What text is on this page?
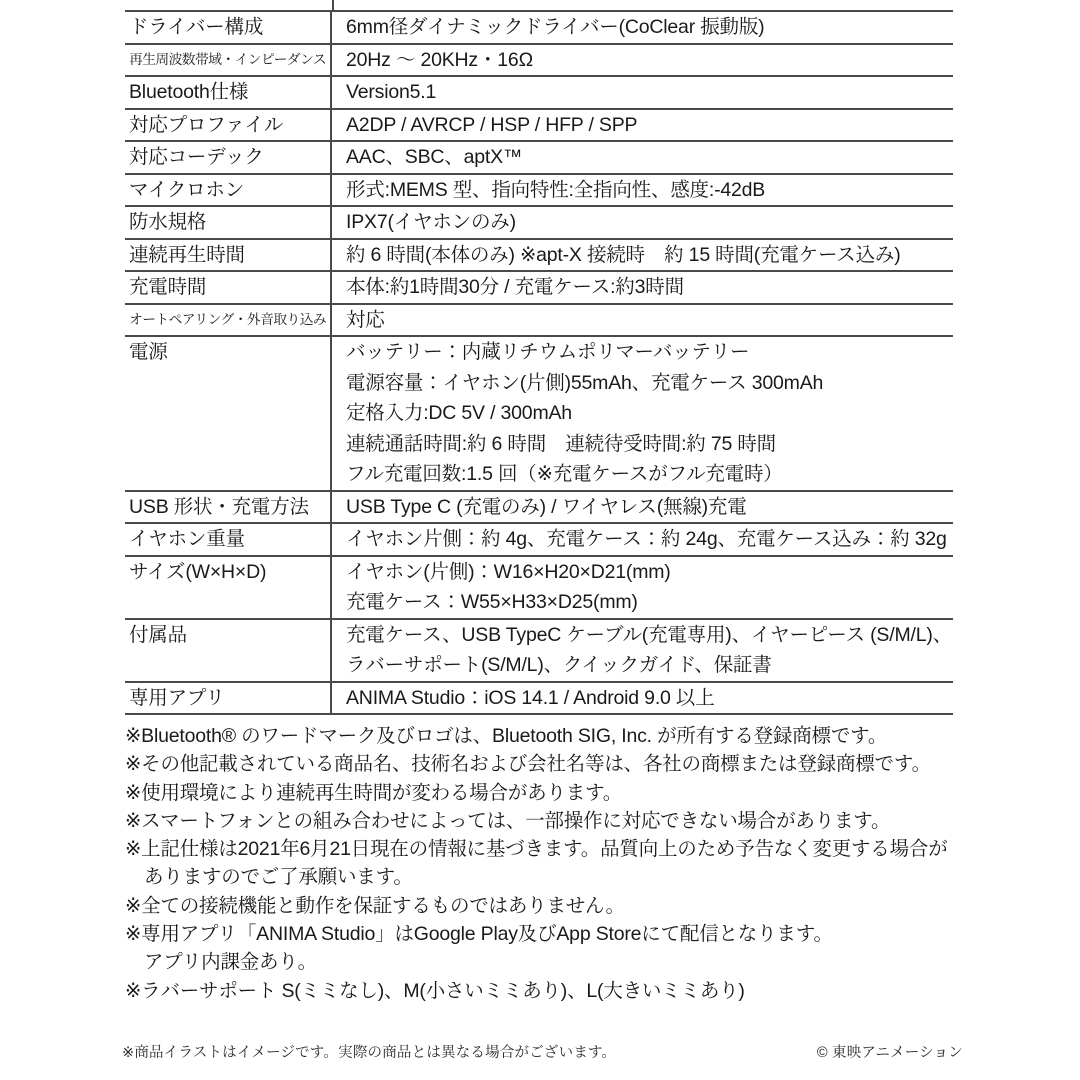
ドライバー構成	6mm径ダイナミックドライバー(CoClear 振動版)
再生周波数帯域・インピーダンス 20Hz ～ 20KHz・16Ω
Bluetooth仕様	Version5.1
対応プロファイル	A2DP / AVRCP / HSP / HFP / SPP
対応コーデック	AAC、SBC、aptX™
マイクロホン	形式:MEMS 型、指向特性:全指向性、感度:-42dB
防水規格	IPX7(イヤホンのみ)
連続再生時間	約 6 時間(本体のみ) ※apt-X 接続時　約 15 時間(充電ケース込み)
充電時間	本体:約1時間30分 / 充電ケース:約3時間
オートペアリング・外音取り込み 対応
電源	バッテリー：内蔵リチウムポリマーバッテリー
電源容量：イヤホン(片側)55mAh、充電ケース 300mAh
定格入力:DC 5V / 300mAh
連続通話時間:約 6 時間　連続待受時間:約 75 時間
フル充電回数:1.5 回（※充電ケースがフル充電時）
USB 形状・充電方法	USB Type C (充電のみ) / ワイヤレス(無線)充電
イヤホン重量	イヤホン片側：約 4g、充電ケース：約 24g、充電ケース込み：約 32g
サイズ(W×H×D)	イヤホン(片側)：W16×H20×D21(mm)
充電ケース：W55×H33×D25(mm)
付属品	充電ケース、USB TypeC ケーブル(充電専用)、イヤーピース (S/M/L)、
ラバーサポート(S/M/L)、クイックガイド、保証書
専用アプリ	ANIMA Studio：iOS 14.1 / Android 9.0 以上
※Bluetooth® のワードマーク及びロゴは、Bluetooth SIG, Inc. が所有する登録商標です。
※その他記載されている商品名、技術名および会社名等は、各社の商標または登録商標です。
※使用環境により連続再生時間が変わる場合があります。
※スマートフォンとの組み合わせによっては、一部操作に対応できない場合があります。
※上記仕様は2021年6月21日現在の情報に基づきます。品質向上のため予告なく変更する場合が
ありますのでご了承願います。
※全ての接続機能と動作を保証するものではありません。
※専用アプリ「ANIMA Studio」はGoogle Play及びApp Storeにて配信となります。
アプリ内課金あり。
※ラバーサポート S(ミミなし)、M(小さいミミあり)、L(大きいミミあり)
※商品イラストはイメージです。実際の商品とは異なる場合がございます。	© 東映アニメーション
